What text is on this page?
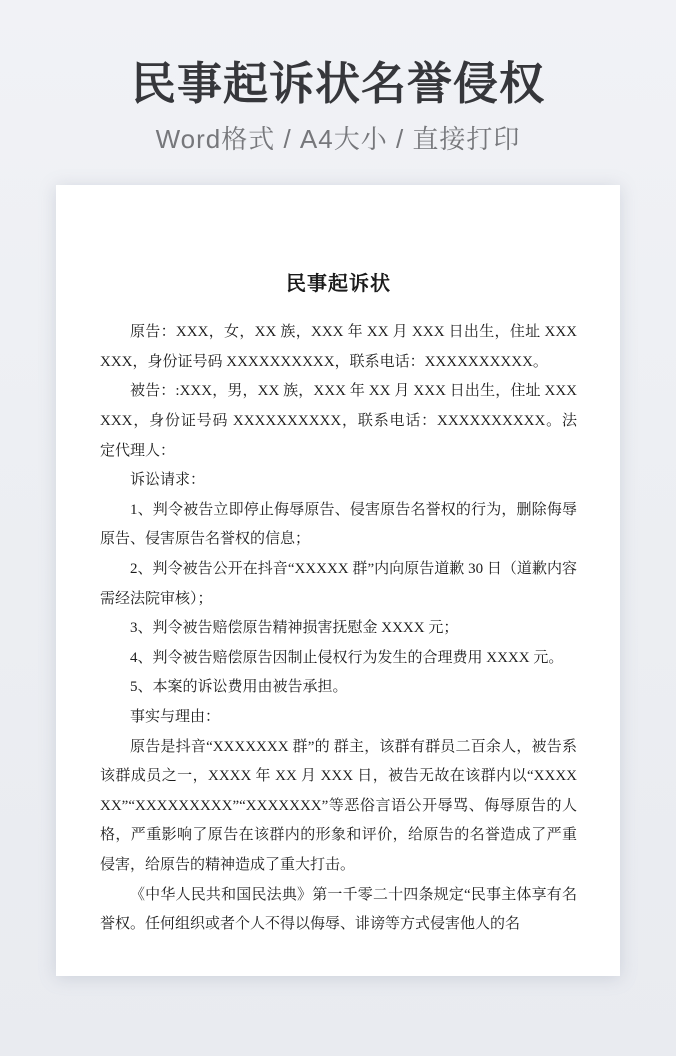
民事起诉状名誉侵权
Word格式 / A4大小 / 直接打印
民事起诉状

原告：XXX，女，XX 族，XXX 年 XX 月 XXX 日出生，住址 XXXXXX，身份证号码 XXXXXXXXXX，联系电话：XXXXXXXXXX。

被告：:XXX，男，XX 族，XXX 年 XX 月 XXX 日出生，住址 XXXXXX，身份证号码 XXXXXXXXXX，联系电话：XXXXXXXXXX。法定代理人：

诉讼请求：

1、判令被告立即停止侮辱原告、侵害原告名誉权的行为，删除侮辱原告、侵害原告名誉权的信息；

2、判令被告公开在抖音“XXXXX 群”内向原告道歉 30 日（道歉内容需经法院审核）；

3、判令被告赔偿原告精神损害抚慰金 XXXX 元；

4、判令被告赔偿原告因制止侵权行为发生的合理费用 XXXX 元。

5、本案的诉讼费用由被告承担。

事实与理由：

原告是抖音“XXXXXXX 群”的 群主，该群有群员二百余人，被告系该群成员之一，XXXX 年 XX 月 XXX 日，被告无故在该群内以“XXXXXX”“XXXXXXXXX”“XXXXXXX”等恶俗言语公开辱骂、侮辱原告的人格，严重影响了原告在该群内的形象和评价，给原告的名誉造成了严重侵害，给原告的精神造成了重大打击。

《中华人民共和国民法典》第一千零二十四条规定“民事主体享有名誉权。任何组织或者个人不得以侮辱、诽谤等方式侵害他人的名
